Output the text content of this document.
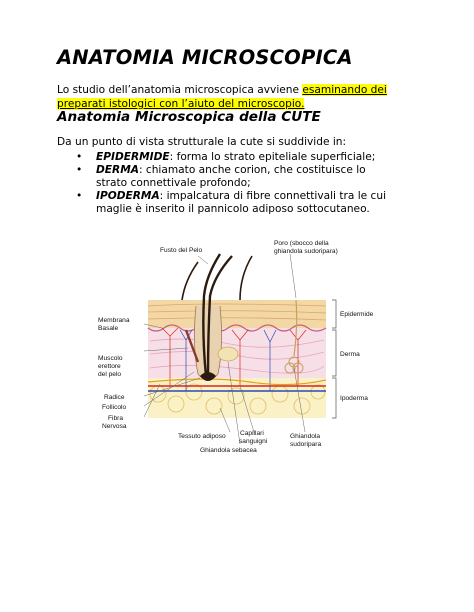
ANATOMIA MICROSCOPICA

Lo studio dell’anatomia microscopica avviene esaminando dei preparati istologici con l’aiuto del microscopio.

Anatomia Microscopica della CUTE

Da un punto di vista strutturale la cute si suddivide in:

• EPIDERMIDE: forma lo strato epiteliale superficiale;
• DERMA: chiamato anche corion, che costituisce lo strato connettivale profondo;
• IPODERMA: impalcatura di fibre connettivali tra le cui maglie è inserito il pannicolo adiposo sottocutaneo.
Fusto del Pelo
Poro (sbocco della
ghiandola sudoripara)
Membrana
Basale
Muscolo
erettore
del pelo
Radice
Follicolo
Fibra
Nervosa
Tessuto adiposo Capillari
sanguigni
Ghiandola sebacea
Ghiandola
sudoripara
Epidermide
Derma
Ipoderma
